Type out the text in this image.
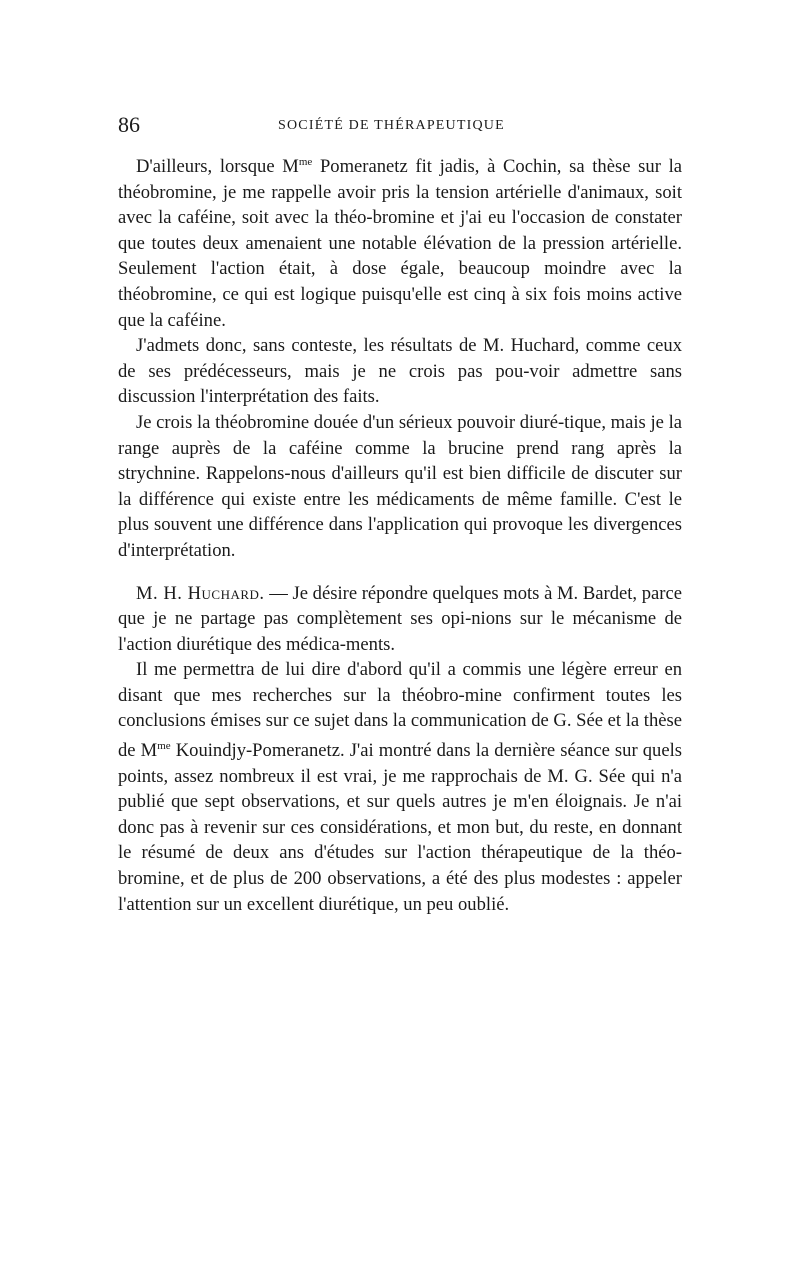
86	SOCIÉTÉ DE THÉRAPEUTIQUE

D'ailleurs, lorsque $M^{me}$ Pomeranetz fit jadis, à Cochin, sa thèse sur la théobromine, je me rappelle avoir pris la tension artérielle d'animaux, soit avec la caféine, soit avec la théo-bromine et j'ai eu l'occasion de constater que toutes deux amenaient une notable élévation de la pression artérielle. Seulement l'action était, à dose égale, beaucoup moindre avec la théobromine, ce qui est logique puisqu'elle est cinq à six fois moins active que la caféine.

J'admets donc, sans conteste, les résultats de M. Huchard, comme ceux de ses prédécesseurs, mais je ne crois pas pou-voir admettre sans discussion l'interprétation des faits.

Je crois la théobromine douée d'un sérieux pouvoir diuré-tique, mais je la range auprès de la caféine comme la brucine prend rang après la strychnine. Rappelons-nous d'ailleurs qu'il est bien difficile de discuter sur la différence qui existe entre les médicaments de même famille. C'est le plus souvent une différence dans l'application qui provoque les divergences d'interprétation.

M. H. Huchard. — Je désire répondre quelques mots à M. Bardet, parce que je ne partage pas complètement ses opi-nions sur le mécanisme de l'action diurétique des médica-ments.

Il me permettra de lui dire d'abord qu'il a commis une légère erreur en disant que mes recherches sur la théobro-mine confirment toutes les conclusions émises sur ce sujet dans la communication de G. Sée et la thèse de $M^{me}$ Kouindjy-Pomeranetz. J'ai montré dans la dernière séance sur quels points, assez nombreux il est vrai, je me rapprochais de M. G. Sée qui n'a publié que sept observations, et sur quels autres je m'en éloignais. Je n'ai donc pas à revenir sur ces considérations, et mon but, du reste, en donnant le résumé de deux ans d'études sur l'action thérapeutique de la théo-bromine, et de plus de 200 observations, a été des plus modestes : appeler l'attention sur un excellent diurétique, un peu oublié.
